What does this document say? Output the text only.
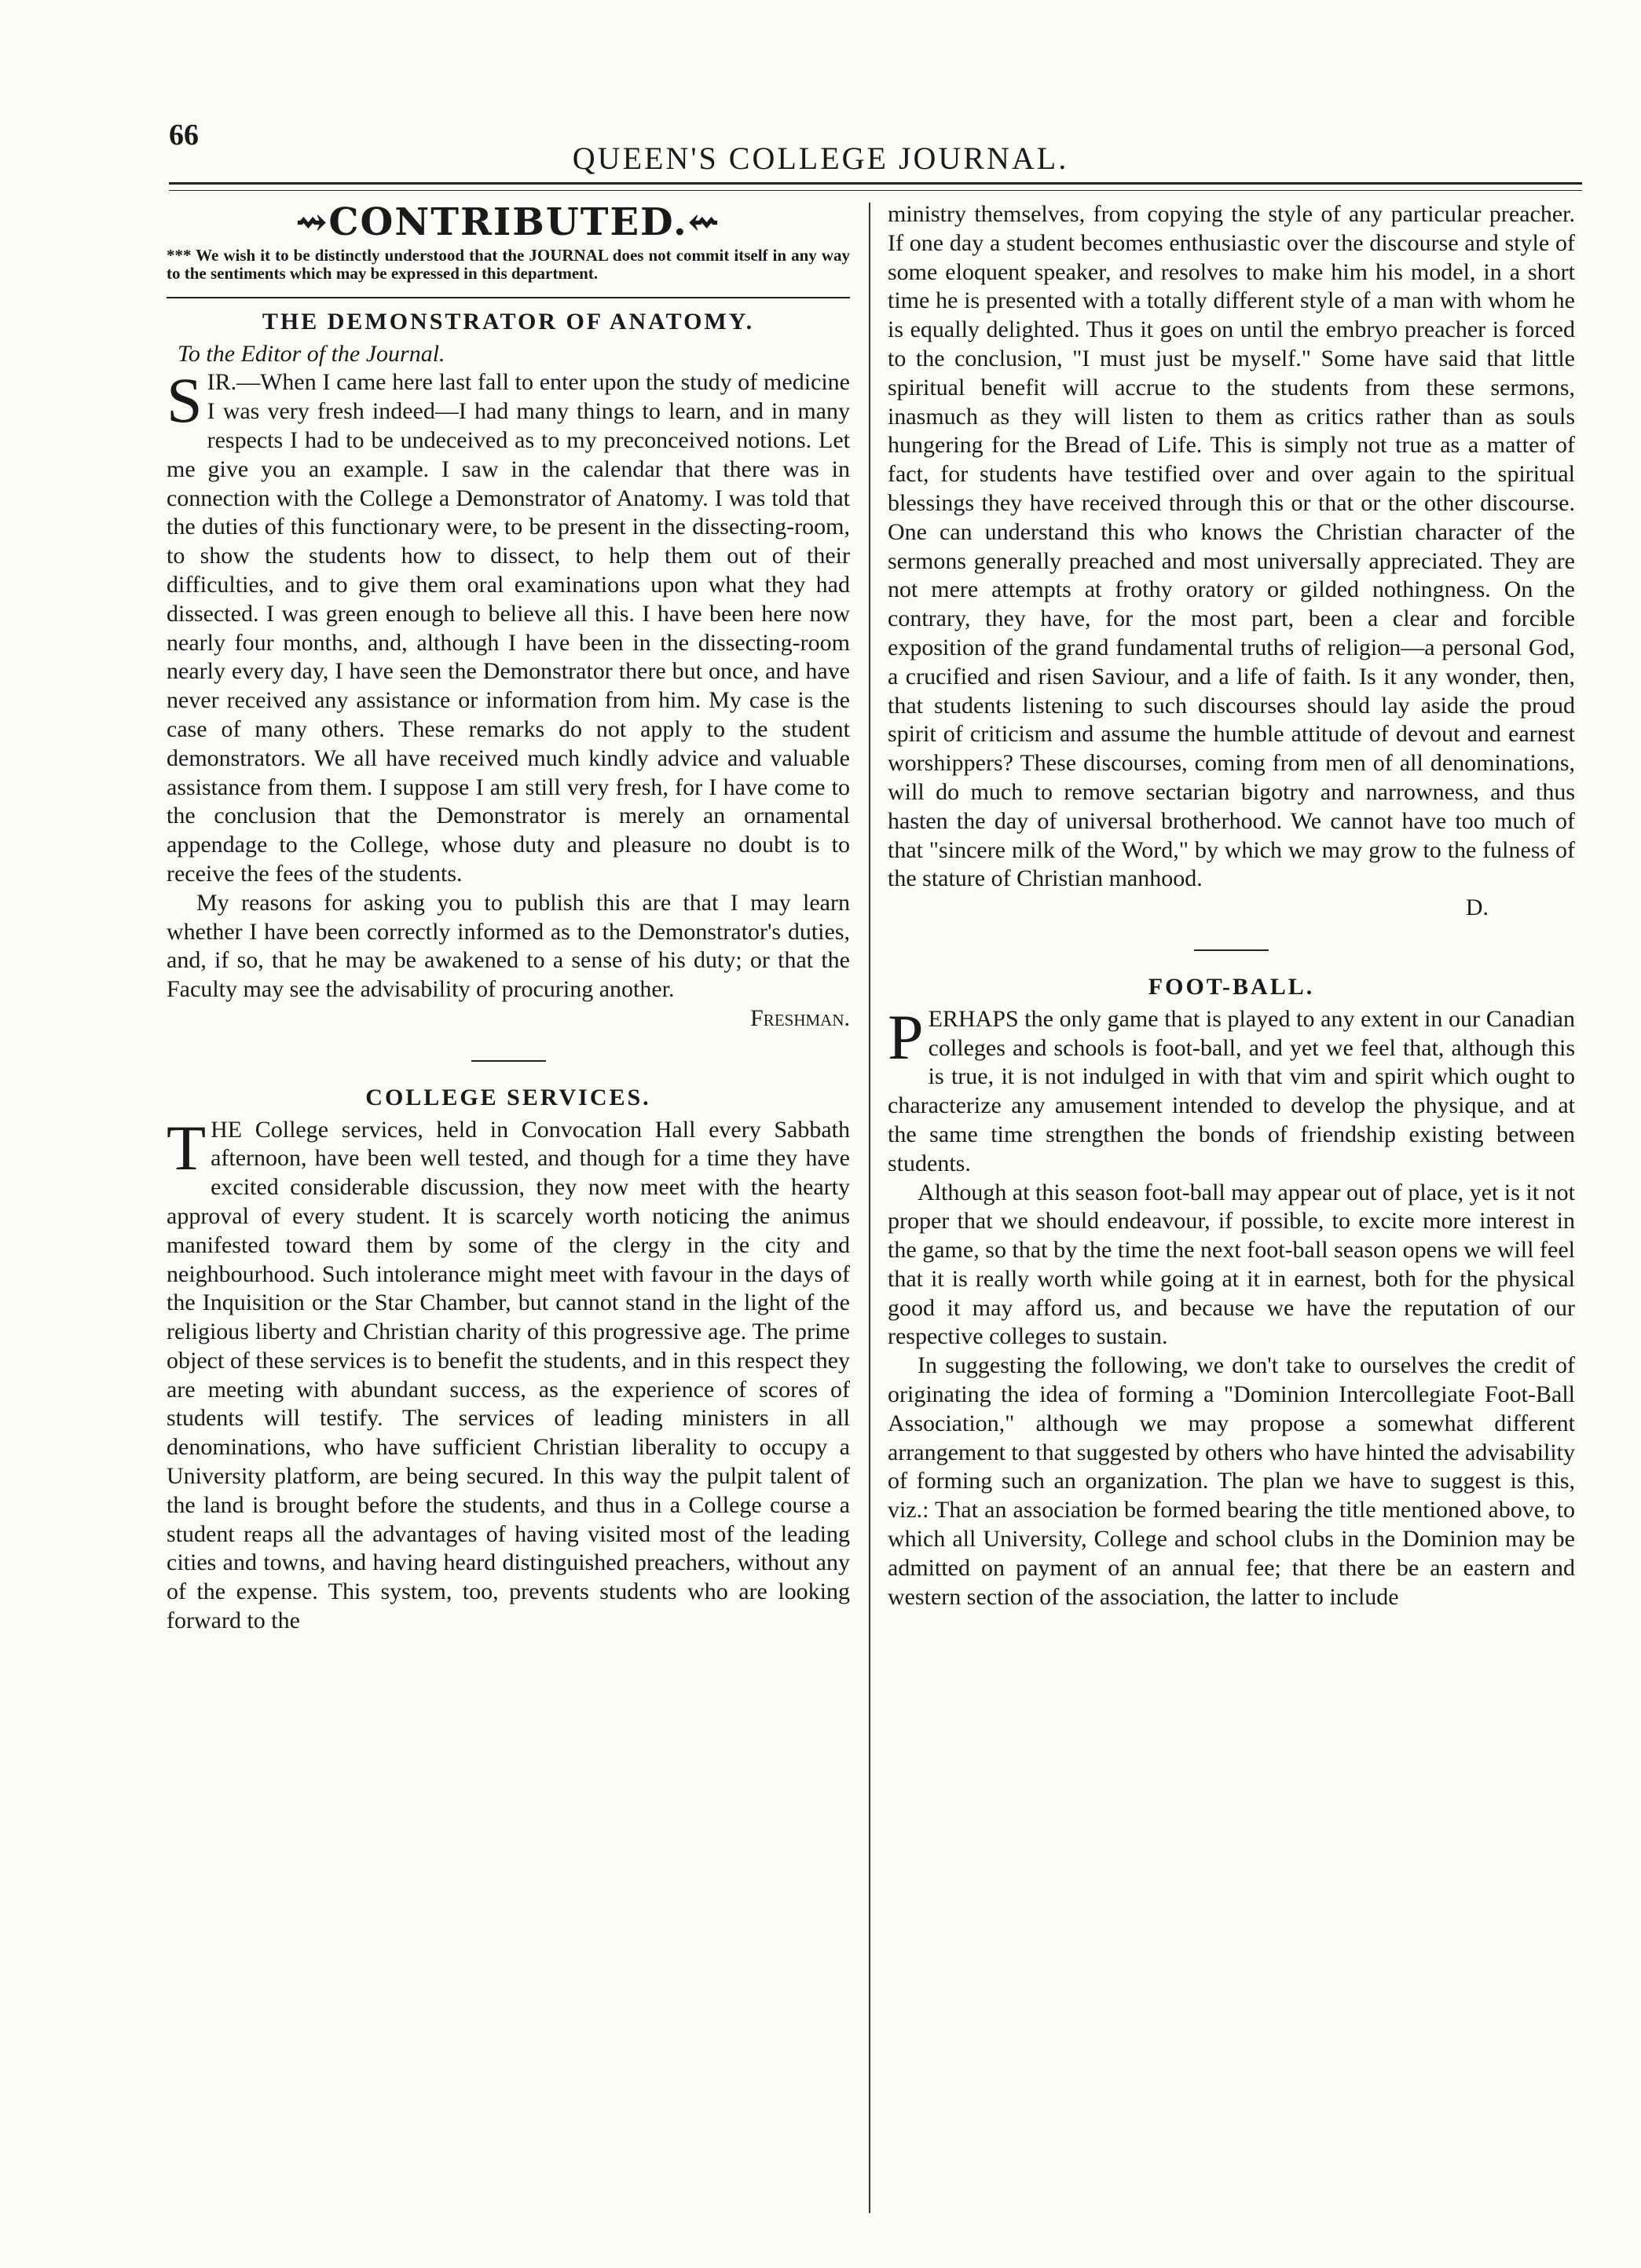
66
QUEEN'S COLLEGE JOURNAL.
⇝CONTRIBUTED.⇜
*** We wish it to be distinctly understood that the JOURNAL does not commit itself in any way to the sentiments which may be expressed in this department.
THE DEMONSTRATOR OF ANATOMY.
To the Editor of the Journal.

SIR.—When I came here last fall to enter upon the study of medicine I was very fresh indeed—I had many things to learn, and in many respects I had to be undeceived as to my preconceived notions. Let me give you an example. I saw in the calendar that there was in connection with the College a Demonstrator of Anatomy. I was told that the duties of this functionary were, to be present in the dissecting-room, to show the students how to dissect, to help them out of their difficulties, and to give them oral examinations upon what they had dissected. I was green enough to believe all this. I have been here now nearly four months, and, although I have been in the dissecting-room nearly every day, I have seen the Demonstrator there but once, and have never received any assistance or information from him. My case is the case of many others. These remarks do not apply to the student demonstrators. We all have received much kindly advice and valuable assistance from them. I suppose I am still very fresh, for I have come to the conclusion that the Demonstrator is merely an ornamental appendage to the College, whose duty and pleasure no doubt is to receive the fees of the students.

My reasons for asking you to publish this are that I may learn whether I have been correctly informed as to the Demonstrator's duties, and, if so, that he may be awakened to a sense of his duty; or that the Faculty may see the advisability of procuring another.

Freshman.
COLLEGE SERVICES.

THE College services, held in Convocation Hall every Sabbath afternoon, have been well tested, and though for a time they have excited considerable discussion, they now meet with the hearty approval of every student. It is scarcely worth noticing the animus manifested toward them by some of the clergy in the city and neighbourhood. Such intolerance might meet with favour in the days of the Inquisition or the Star Chamber, but cannot stand in the light of the religious liberty and Christian charity of this progressive age. The prime object of these services is to benefit the students, and in this respect they are meeting with abundant success, as the experience of scores of students will testify. The services of leading ministers in all denominations, who have sufficient Christian liberality to occupy a University platform, are being secured. In this way the pulpit talent of the land is brought before the students, and thus in a College course a student reaps all the advantages of having visited most of the leading cities and towns, and having heard distinguished preachers, without any of the expense. This system, too, prevents students who are looking forward to the

ministry themselves, from copying the style of any particular preacher. If one day a student becomes enthusiastic over the discourse and style of some eloquent speaker, and resolves to make him his model, in a short time he is presented with a totally different style of a man with whom he is equally delighted. Thus it goes on until the embryo preacher is forced to the conclusion, "I must just be myself." Some have said that little spiritual benefit will accrue to the students from these sermons, inasmuch as they will listen to them as critics rather than as souls hungering for the Bread of Life. This is simply not true as a matter of fact, for students have testified over and over again to the spiritual blessings they have received through this or that or the other discourse. One can understand this who knows the Christian character of the sermons generally preached and most universally appreciated. They are not mere attempts at frothy oratory or gilded nothingness. On the contrary, they have, for the most part, been a clear and forcible exposition of the grand fundamental truths of religion—a personal God, a crucified and risen Saviour, and a life of faith. Is it any wonder, then, that students listening to such discourses should lay aside the proud spirit of criticism and assume the humble attitude of devout and earnest worshippers? These discourses, coming from men of all denominations, will do much to remove sectarian bigotry and narrowness, and thus hasten the day of universal brotherhood. We cannot have too much of that "sincere milk of the Word," by which we may grow to the fulness of the stature of Christian manhood.

D.
FOOT-BALL.

PERHAPS the only game that is played to any extent in our Canadian colleges and schools is foot-ball, and yet we feel that, although this is true, it is not indulged in with that vim and spirit which ought to characterize any amusement intended to develop the physique, and at the same time strengthen the bonds of friendship existing between students.

Although at this season foot-ball may appear out of place, yet is it not proper that we should endeavour, if possible, to excite more interest in the game, so that by the time the next foot-ball season opens we will feel that it is really worth while going at it in earnest, both for the physical good it may afford us, and because we have the reputation of our respective colleges to sustain.

In suggesting the following, we don't take to ourselves the credit of originating the idea of forming a "Dominion Intercollegiate Foot-Ball Association," although we may propose a somewhat different arrangement to that suggested by others who have hinted the advisability of forming such an organization. The plan we have to suggest is this, viz.: That an association be formed bearing the title mentioned above, to which all University, College and school clubs in the Dominion may be admitted on payment of an annual fee; that there be an eastern and western section of the association, the latter to include
